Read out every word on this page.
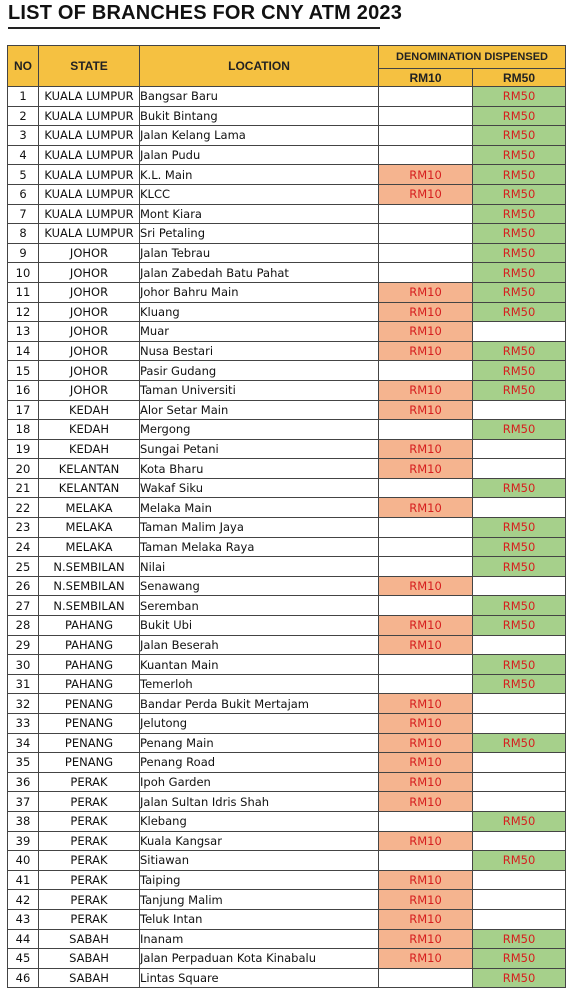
LIST OF BRANCHES FOR CNY ATM 2023
NO	STATE	LOCATION	DENOMINATION DISPENSED	
			RM10	RM50
1	KUALA LUMPUR	Bangsar Baru		RM50
2	KUALA LUMPUR	Bukit Bintang		RM50
3	KUALA LUMPUR	Jalan Kelang Lama		RM50
4	KUALA LUMPUR	Jalan Pudu		RM50
5	KUALA LUMPUR	K.L. Main	RM10	RM50
6	KUALA LUMPUR	KLCC	RM10	RM50
7	KUALA LUMPUR	Mont Kiara		RM50
8	KUALA LUMPUR	Sri Petaling		RM50
9	JOHOR	Jalan Tebrau		RM50
10	JOHOR	Jalan Zabedah Batu Pahat		RM50
11	JOHOR	Johor Bahru Main	RM10	RM50
12	JOHOR	Kluang	RM10	RM50
13	JOHOR	Muar	RM10	
14	JOHOR	Nusa Bestari	RM10	RM50
15	JOHOR	Pasir Gudang		RM50
16	JOHOR	Taman Universiti	RM10	RM50
17	KEDAH	Alor Setar Main	RM10	
18	KEDAH	Mergong		RM50
19	KEDAH	Sungai Petani	RM10	
20	KELANTAN	Kota Bharu	RM10	
21	KELANTAN	Wakaf Siku		RM50
22	MELAKA	Melaka Main	RM10	
23	MELAKA	Taman Malim Jaya		RM50
24	MELAKA	Taman Melaka Raya		RM50
25	N.SEMBILAN	Nilai		RM50
26	N.SEMBILAN	Senawang	RM10	
27	N.SEMBILAN	Seremban		RM50
28	PAHANG	Bukit Ubi	RM10	RM50
29	PAHANG	Jalan Beserah	RM10	
30	PAHANG	Kuantan Main		RM50
31	PAHANG	Temerloh		RM50
32	PENANG	Bandar Perda Bukit Mertajam	RM10	
33	PENANG	Jelutong	RM10	
34	PENANG	Penang Main	RM10	RM50
35	PENANG	Penang Road	RM10	
36	PERAK	Ipoh Garden	RM10	
37	PERAK	Jalan Sultan Idris Shah	RM10	
38	PERAK	Klebang		RM50
39	PERAK	Kuala Kangsar	RM10	
40	PERAK	Sitiawan		RM50
41	PERAK	Taiping	RM10	
42	PERAK	Tanjung Malim	RM10	
43	PERAK	Teluk Intan	RM10	
44	SABAH	Inanam	RM10	RM50
45	SABAH	Jalan Perpaduan Kota Kinabalu	RM10	RM50
46	SABAH	Lintas Square		RM50
